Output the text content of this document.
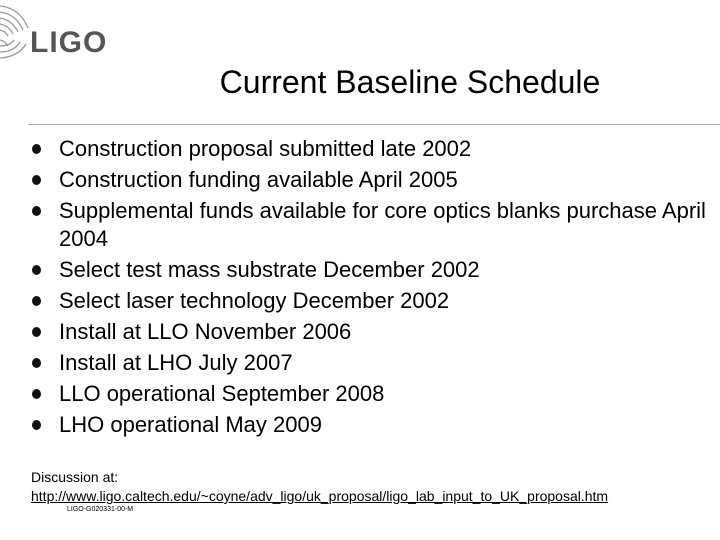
LIGO
Current Baseline Schedule
Construction proposal submitted late 2002
Construction funding available April 2005
Supplemental funds available for core optics blanks purchase April 2004
Select test mass substrate December 2002
Select laser technology December 2002
Install at LLO November 2006
Install at LHO July 2007
LLO operational September 2008
LHO operational May 2009
Discussion at:
http://www.ligo.caltech.edu/~coyne/adv_ligo/uk_proposal/ligo_lab_input_to_UK_proposal.htm
LIGO-G020331-00-M
